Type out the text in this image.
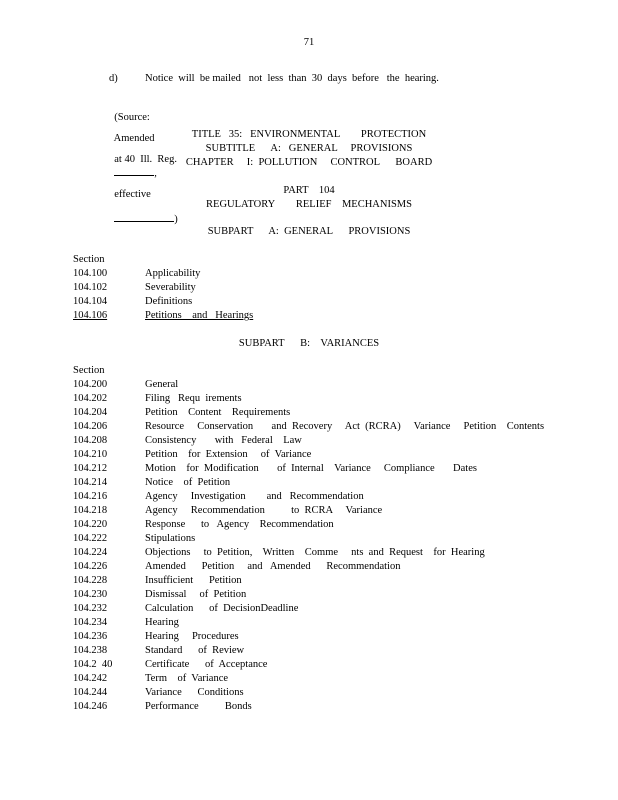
71
d)	Notice  will  be mailed   not  less  than  30  days  before   the  hearing.

(Source:

Amended

at 40  Ill.  Reg.
,

effective

)

TITLE   35:   ENVIRONMENTAL        PROTECTION
SUBTITLE      A:   GENERAL     PROVISIONS
CHAPTER     I:  POLLUTION     CONTROL      BOARD
PART    104
REGULATORY        RELIEF    MECHANISMS
SUBPART      A:  GENERAL      PROVISIONS
Section
104.100	Applicability
104.102	Severability
104.104	Definitions
104.106	Petitions    and   Hearings
SUBPART      B:    VARIANCES
Section
104.200	General
104.202	Filing   Requ  irements
104.204	Petition    Content    Requirements
104.206	Resource     Conservation       and  Recovery     Act  (RCRA)     Variance     Petition    Contents
104.208	Consistency       with   Federal    Law
104.210	Petition    for  Extension     of  Variance
104.212	Motion    for  Modification       of  Internal    Variance     Compliance       Dates
104.214	Notice    of  Petition
104.216	Agency     Investigation        and   Recommendation
104.218	Agency     Recommendation          to  RCRA     Variance
104.220	Response      to   Agency    Recommendation
104.222	Stipulations
104.224	Objections     to  Petition,    Written    Comme     nts  and  Request    for  Hearing
104.226	Amended      Petition     and   Amended      Recommendation
104.228	Insufficient      Petition
104.230	Dismissal     of  Petition
104.232	Calculation      of  DecisionDeadline
104.234	Hearing
104.236	Hearing     Procedures
104.238	Standard      of  Review
104.2  40	Certificate      of  Acceptance
104.242	Term    of  Variance
104.244	Variance      Conditions
104.246	Performance          Bonds
